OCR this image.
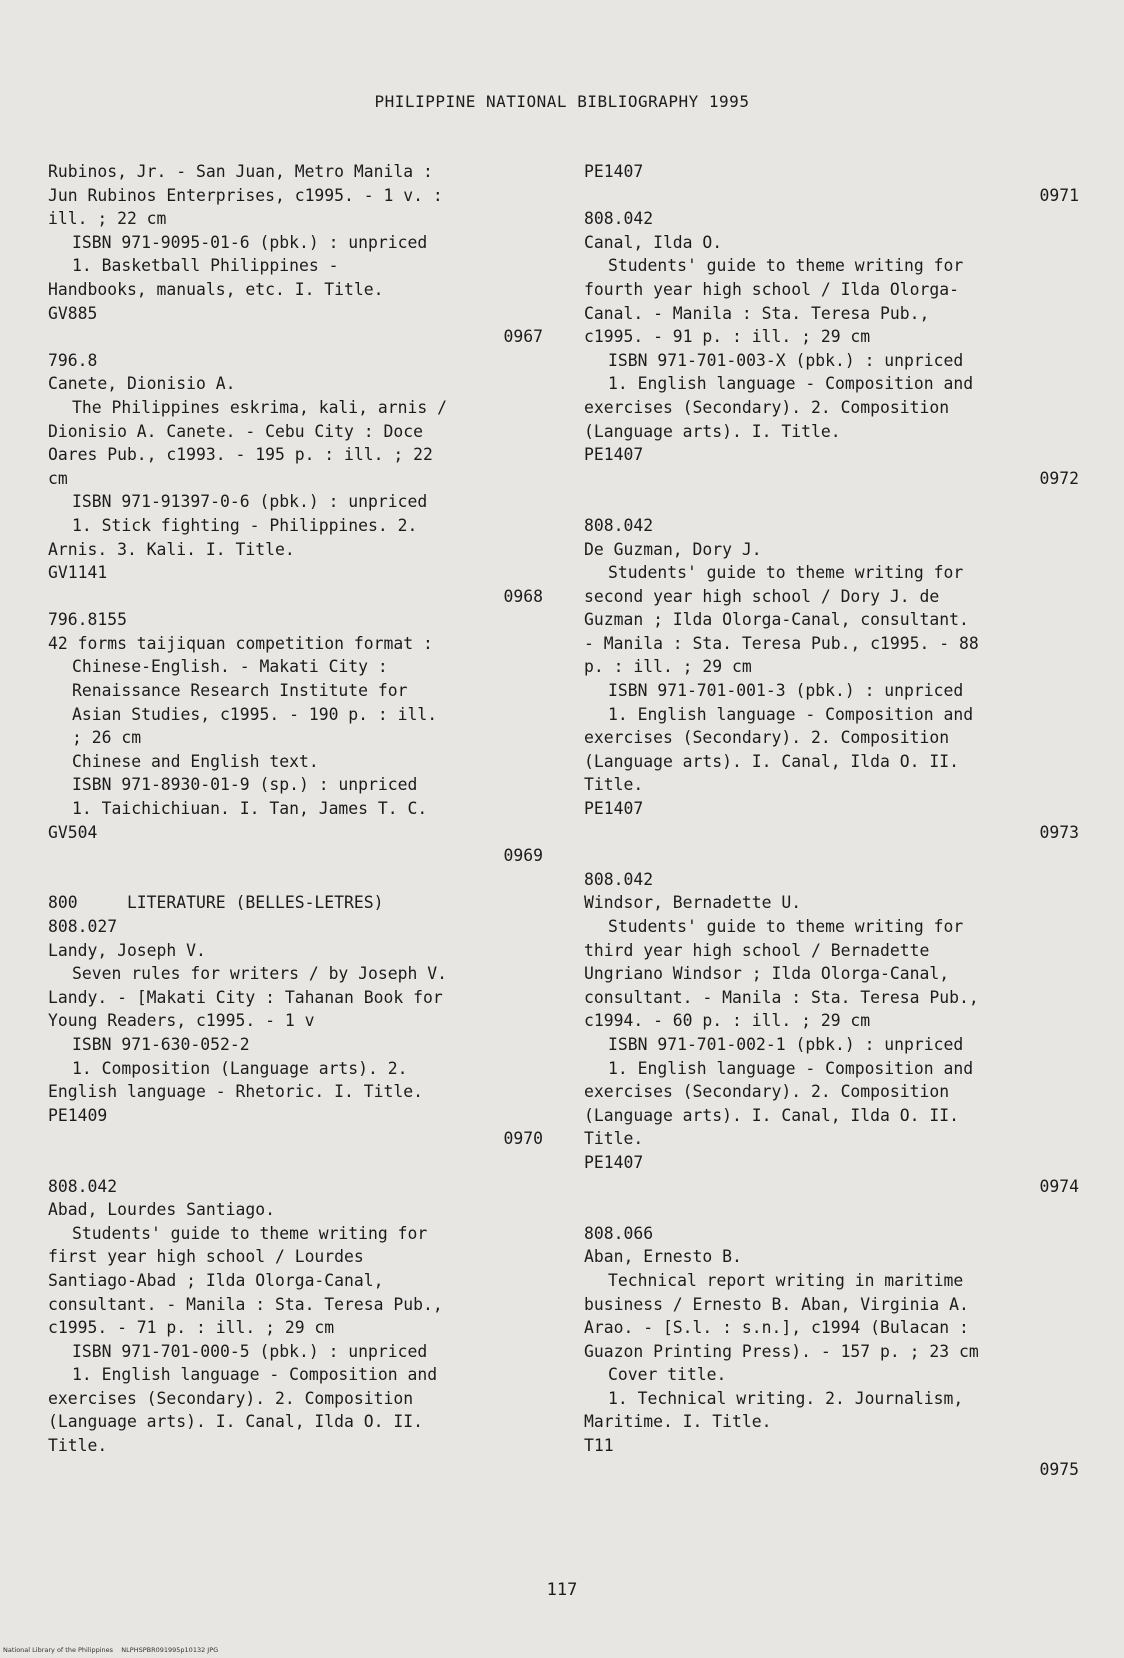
PHILIPPINE NATIONAL BIBLIOGRAPHY 1995
Rubinos, Jr. - San Juan, Metro Manila :
Jun Rubinos Enterprises, c1995. - 1 v. :
ill. ; 22 cm
ISBN 971-9095-01-6 (pbk.) : unpriced
1. Basketball Philippines -
Handbooks, manuals, etc. I. Title.
GV885
0967
796.8
Canete, Dionisio A.
The Philippines eskrima, kali, arnis /
Dionisio A. Canete. - Cebu City : Doce
Oares Pub., c1993. - 195 p. : ill. ; 22
cm
ISBN 971-91397-0-6 (pbk.) : unpriced
1. Stick fighting - Philippines. 2.
Arnis. 3. Kali. I. Title.
GV1141
0968
796.8155
42 forms taijiquan competition format :
Chinese-English. - Makati City :
Renaissance Research Institute for
Asian Studies, c1995. - 190 p. : ill.
; 26 cm
Chinese and English text.
ISBN 971-8930-01-9 (sp.) : unpriced
1. Taichichiuan. I. Tan, James T. C.
GV504
0969
800     LITERATURE (BELLES-LETRES)
808.027
Landy, Joseph V.
Seven rules for writers / by Joseph V.
Landy. - [Makati City : Tahanan Book for
Young Readers, c1995. - 1 v
ISBN 971-630-052-2
1. Composition (Language arts). 2.
English language - Rhetoric. I. Title.
PE1409
0970
808.042
Abad, Lourdes Santiago.
Students' guide to theme writing for
first year high school / Lourdes
Santiago-Abad ; Ilda Olorga-Canal,
consultant. - Manila : Sta. Teresa Pub.,
c1995. - 71 p. : ill. ; 29 cm
ISBN 971-701-000-5 (pbk.) : unpriced
1. English language - Composition and
exercises (Secondary). 2. Composition
(Language arts). I. Canal, Ilda O. II.
Title.
PE1407
0971
808.042
Canal, Ilda O.
Students' guide to theme writing for
fourth year high school / Ilda Olorga-
Canal. - Manila : Sta. Teresa Pub.,
c1995. - 91 p. : ill. ; 29 cm
ISBN 971-701-003-X (pbk.) : unpriced
1. English language - Composition and
exercises (Secondary). 2. Composition
(Language arts). I. Title.
PE1407
0972
808.042
De Guzman, Dory J.
Students' guide to theme writing for
second year high school / Dory J. de
Guzman ; Ilda Olorga-Canal, consultant.
- Manila : Sta. Teresa Pub., c1995. - 88
p. : ill. ; 29 cm
ISBN 971-701-001-3 (pbk.) : unpriced
1. English language - Composition and
exercises (Secondary). 2. Composition
(Language arts). I. Canal, Ilda O. II.
Title.
PE1407
0973
808.042
Windsor, Bernadette U.
Students' guide to theme writing for
third year high school / Bernadette
Ungriano Windsor ; Ilda Olorga-Canal,
consultant. - Manila : Sta. Teresa Pub.,
c1994. - 60 p. : ill. ; 29 cm
ISBN 971-701-002-1 (pbk.) : unpriced
1. English language - Composition and
exercises (Secondary). 2. Composition
(Language arts). I. Canal, Ilda O. II.
Title.
PE1407
0974
808.066
Aban, Ernesto B.
Technical report writing in maritime
business / Ernesto B. Aban, Virginia A.
Arao. - [S.l. : s.n.], c1994 (Bulacan :
Guazon Printing Press). - 157 p. ; 23 cm
Cover title.
1. Technical writing. 2. Journalism,
Maritime. I. Title.
T11
0975
117
National Library of the Philippines    NLPHSPBR091995p10132 JPG
